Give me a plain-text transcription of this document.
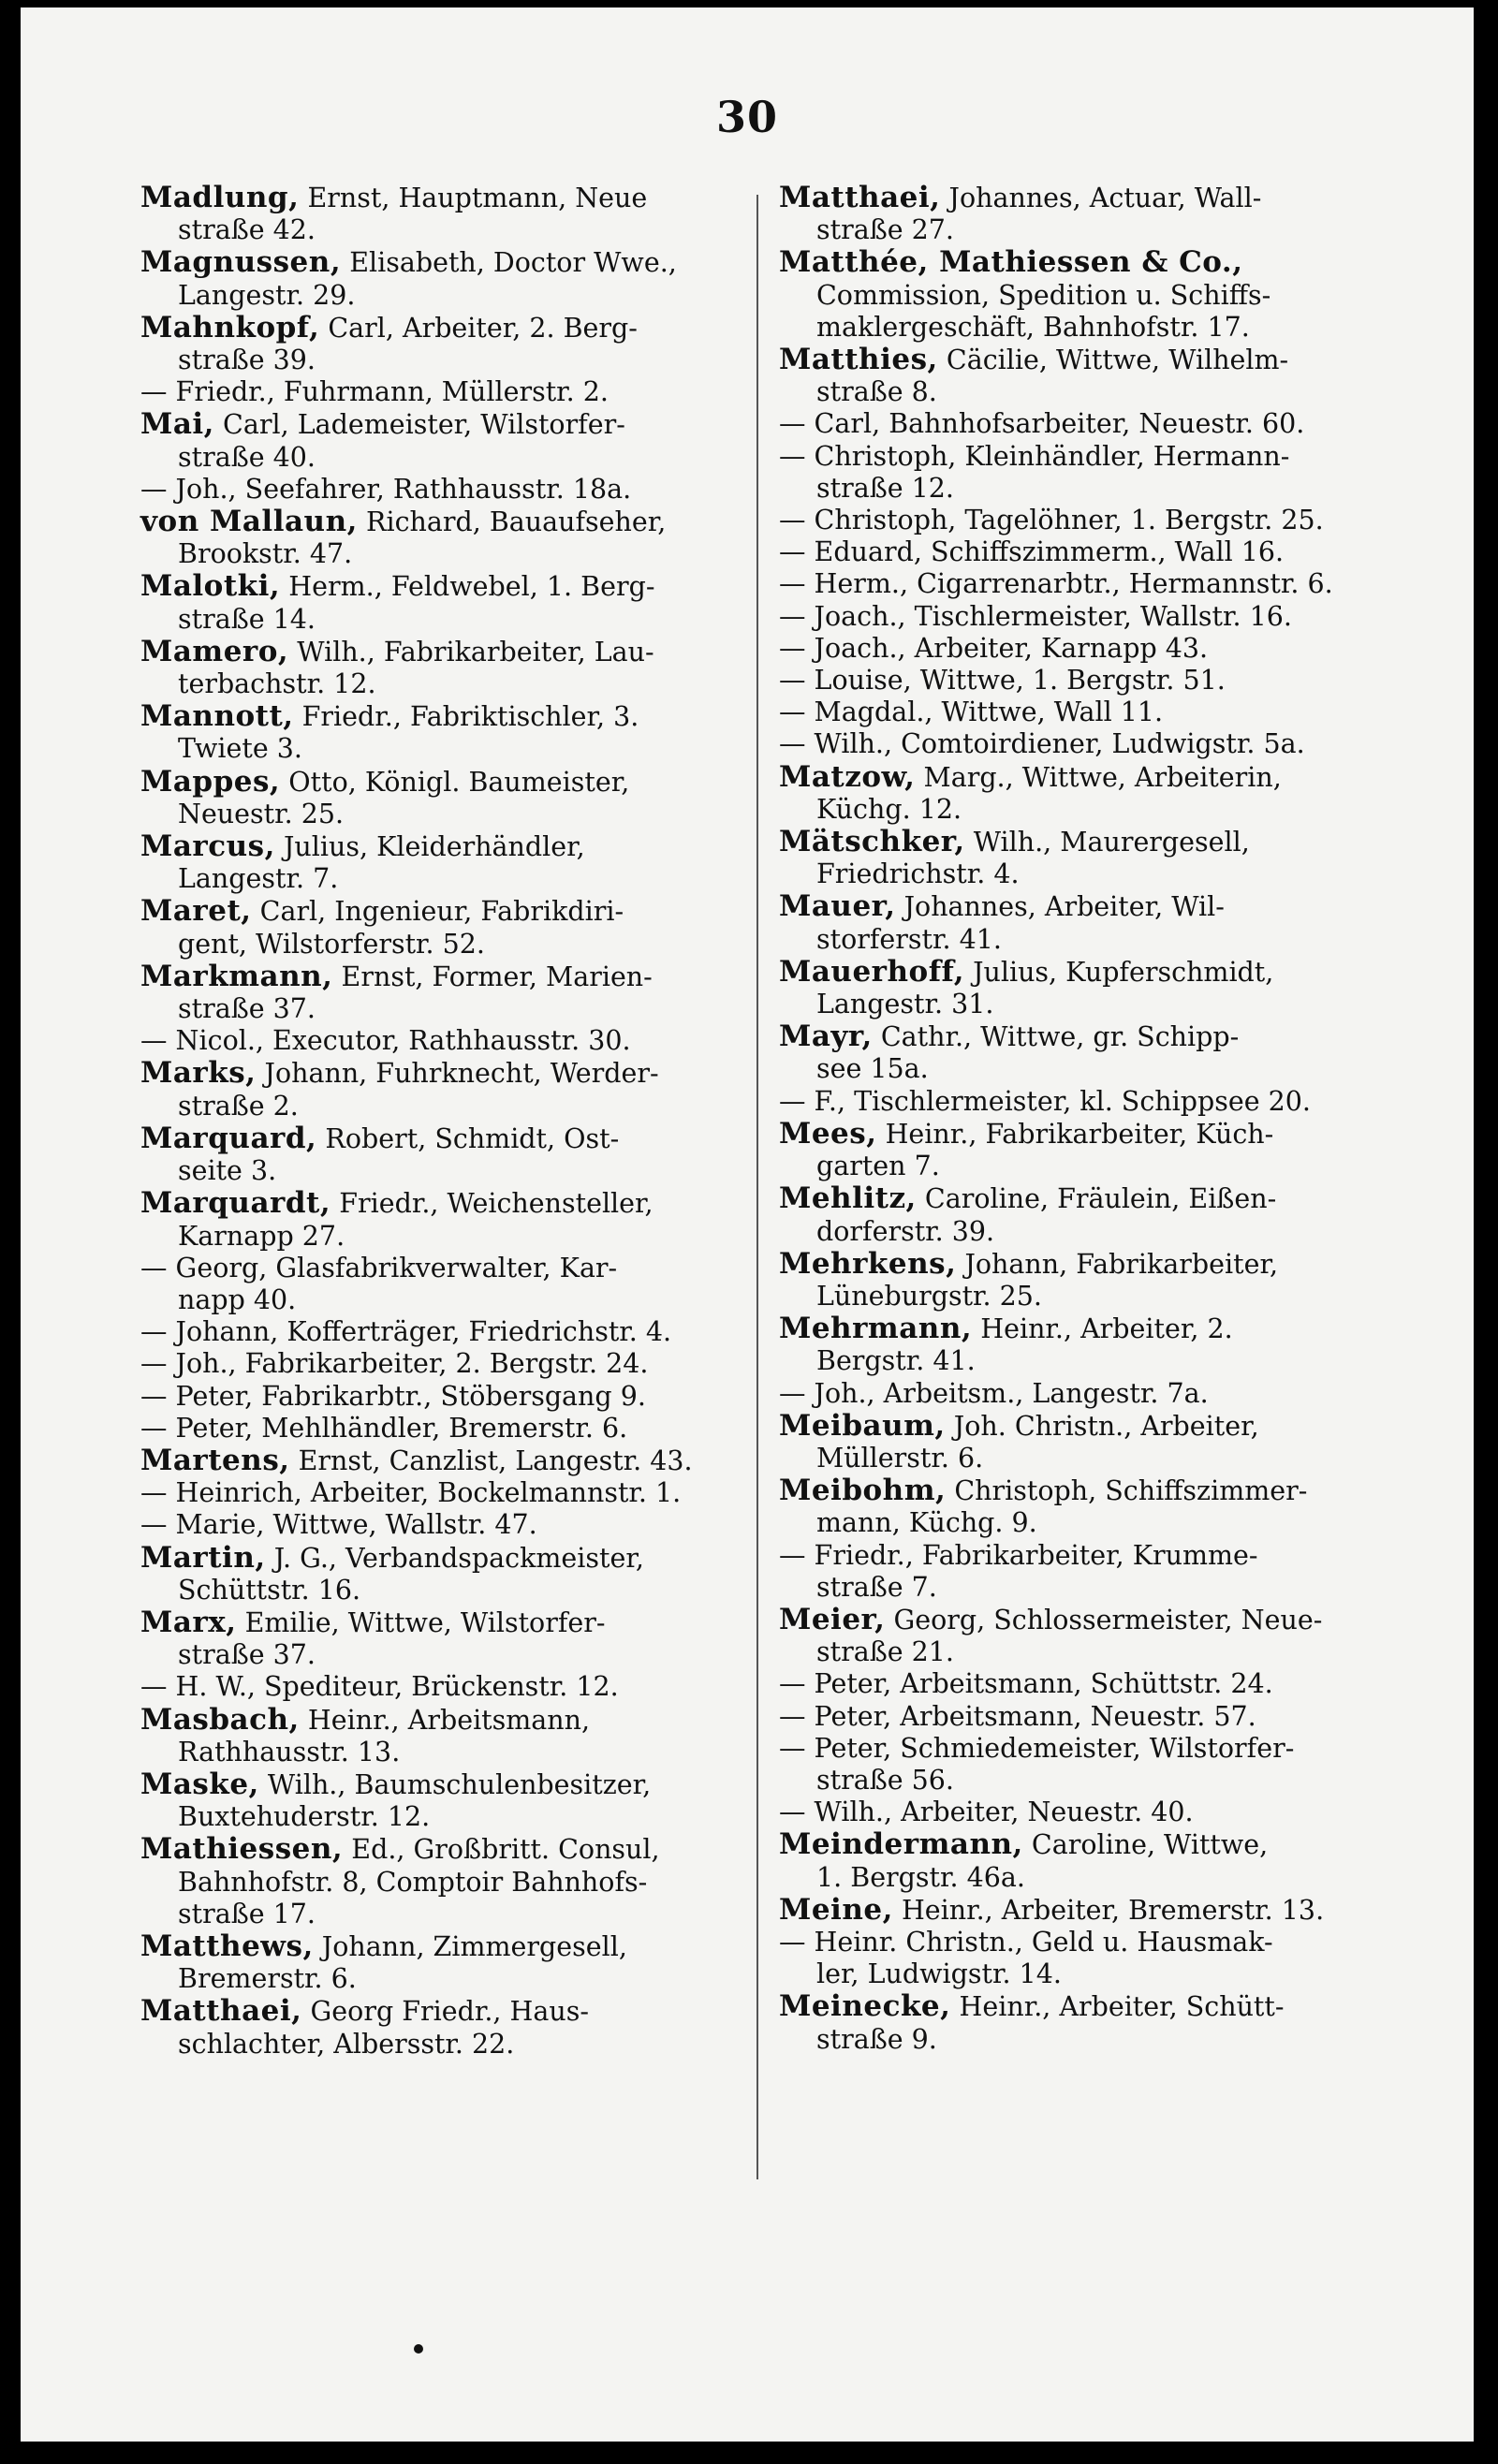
30

Madlung, Ernst, Hauptmann, Neue
straße 42.

Magnussen, Elisabeth, Doctor Wwe.,
Langestr. 29.

Mahnkopf, Carl, Arbeiter, 2. Berg-
straße 39.

— Friedr., Fuhrmann, Müllerstr. 2.

Mai, Carl, Lademeister, Wilstorfer-
straße 40.

— Joh., Seefahrer, Rathhausstr. 18a.

von Mallaun, Richard, Bauaufseher,
Brookstr. 47.

Malotki, Herm., Feldwebel, 1. Berg-
straße 14.

Mamero, Wilh., Fabrikarbeiter, Lau-
terbachstr. 12.

Mannott, Friedr., Fabriktischler, 3.
Twiete 3.

Mappes, Otto, Königl. Baumeister,
Neuestr. 25.

Marcus, Julius, Kleiderhändler,
Langestr. 7.

Maret, Carl, Ingenieur, Fabrikdiri-
gent, Wilstorferstr. 52.

Markmann, Ernst, Former, Marien-
straße 37.

— Nicol., Executor, Rathhausstr. 30.

Marks, Johann, Fuhrknecht, Werder-
straße 2.

Marquard, Robert, Schmidt, Ost-
seite 3.

Marquardt, Friedr., Weichensteller,
Karnapp 27.

— Georg, Glasfabrikverwalter, Kar-
napp 40.

— Johann, Kofferträger, Friedrichstr. 4.

— Joh., Fabrikarbeiter, 2. Bergstr. 24.

— Peter, Fabrikarbtr., Stöbersgang 9.

— Peter, Mehlhändler, Bremerstr. 6.

Martens, Ernst, Canzlist, Langestr. 43.

— Heinrich, Arbeiter, Bockelmannstr. 1.

— Marie, Wittwe, Wallstr. 47.

Martin, J. G., Verbandspackmeister,
Schüttstr. 16.

Marx, Emilie, Wittwe, Wilstorfer-
straße 37.

— H. W., Spediteur, Brückenstr. 12.

Masbach, Heinr., Arbeitsmann,
Rathhausstr. 13.

Maske, Wilh., Baumschulenbesitzer,
Buxtehuderstr. 12.

Mathiessen, Ed., Großbritt. Consul,
Bahnhofstr. 8, Comptoir Bahnhofs-
straße 17.

Matthews, Johann, Zimmergesell,
Bremerstr. 6.

Matthaei, Georg Friedr., Haus-
schlachter, Albersstr. 22.

Matthaei, Johannes, Actuar, Wall-
straße 27.

Matthée, Mathiessen & Co.,
Commission, Spedition u. Schiffs-
maklergeschäft, Bahnhofstr. 17.

Matthies, Cäcilie, Wittwe, Wilhelm-
straße 8.

— Carl, Bahnhofsarbeiter, Neuestr. 60.

— Christoph, Kleinhändler, Hermann-
straße 12.

— Christoph, Tagelöhner, 1. Bergstr. 25.

— Eduard, Schiffszimmerm., Wall 16.

— Herm., Cigarrenarbtr., Hermannstr. 6.

— Joach., Tischlermeister, Wallstr. 16.

— Joach., Arbeiter, Karnapp 43.

— Louise, Wittwe, 1. Bergstr. 51.

— Magdal., Wittwe, Wall 11.

— Wilh., Comtoirdiener, Ludwigstr. 5a.

Matzow, Marg., Wittwe, Arbeiterin,
Küchg. 12.

Mätschker, Wilh., Maurergesell,
Friedrichstr. 4.

Mauer, Johannes, Arbeiter, Wil-
storferstr. 41.

Mauerhoff, Julius, Kupferschmidt,
Langestr. 31.

Mayr, Cathr., Wittwe, gr. Schipp-
see 15a.

— F., Tischlermeister, kl. Schippsee 20.

Mees, Heinr., Fabrikarbeiter, Küch-
garten 7.

Mehlitz, Caroline, Fräulein, Eißen-
dorferstr. 39.

Mehrkens, Johann, Fabrikarbeiter,
Lüneburgstr. 25.

Mehrmann, Heinr., Arbeiter, 2.
Bergstr. 41.

— Joh., Arbeitsm., Langestr. 7a.

Meibaum, Joh. Christn., Arbeiter,
Müllerstr. 6.

Meibohm, Christoph, Schiffszimmer-
mann, Küchg. 9.

— Friedr., Fabrikarbeiter, Krumme-
straße 7.

Meier, Georg, Schlossermeister, Neue-
straße 21.

— Peter, Arbeitsmann, Schüttstr. 24.

— Peter, Arbeitsmann, Neuestr. 57.

— Peter, Schmiedemeister, Wilstorfer-
straße 56.

— Wilh., Arbeiter, Neuestr. 40.

Meindermann, Caroline, Wittwe,
1. Bergstr. 46a.

Meine, Heinr., Arbeiter, Bremerstr. 13.

— Heinr. Christn., Geld u. Hausmak-
ler, Ludwigstr. 14.

Meinecke, Heinr., Arbeiter, Schütt-
straße 9.
